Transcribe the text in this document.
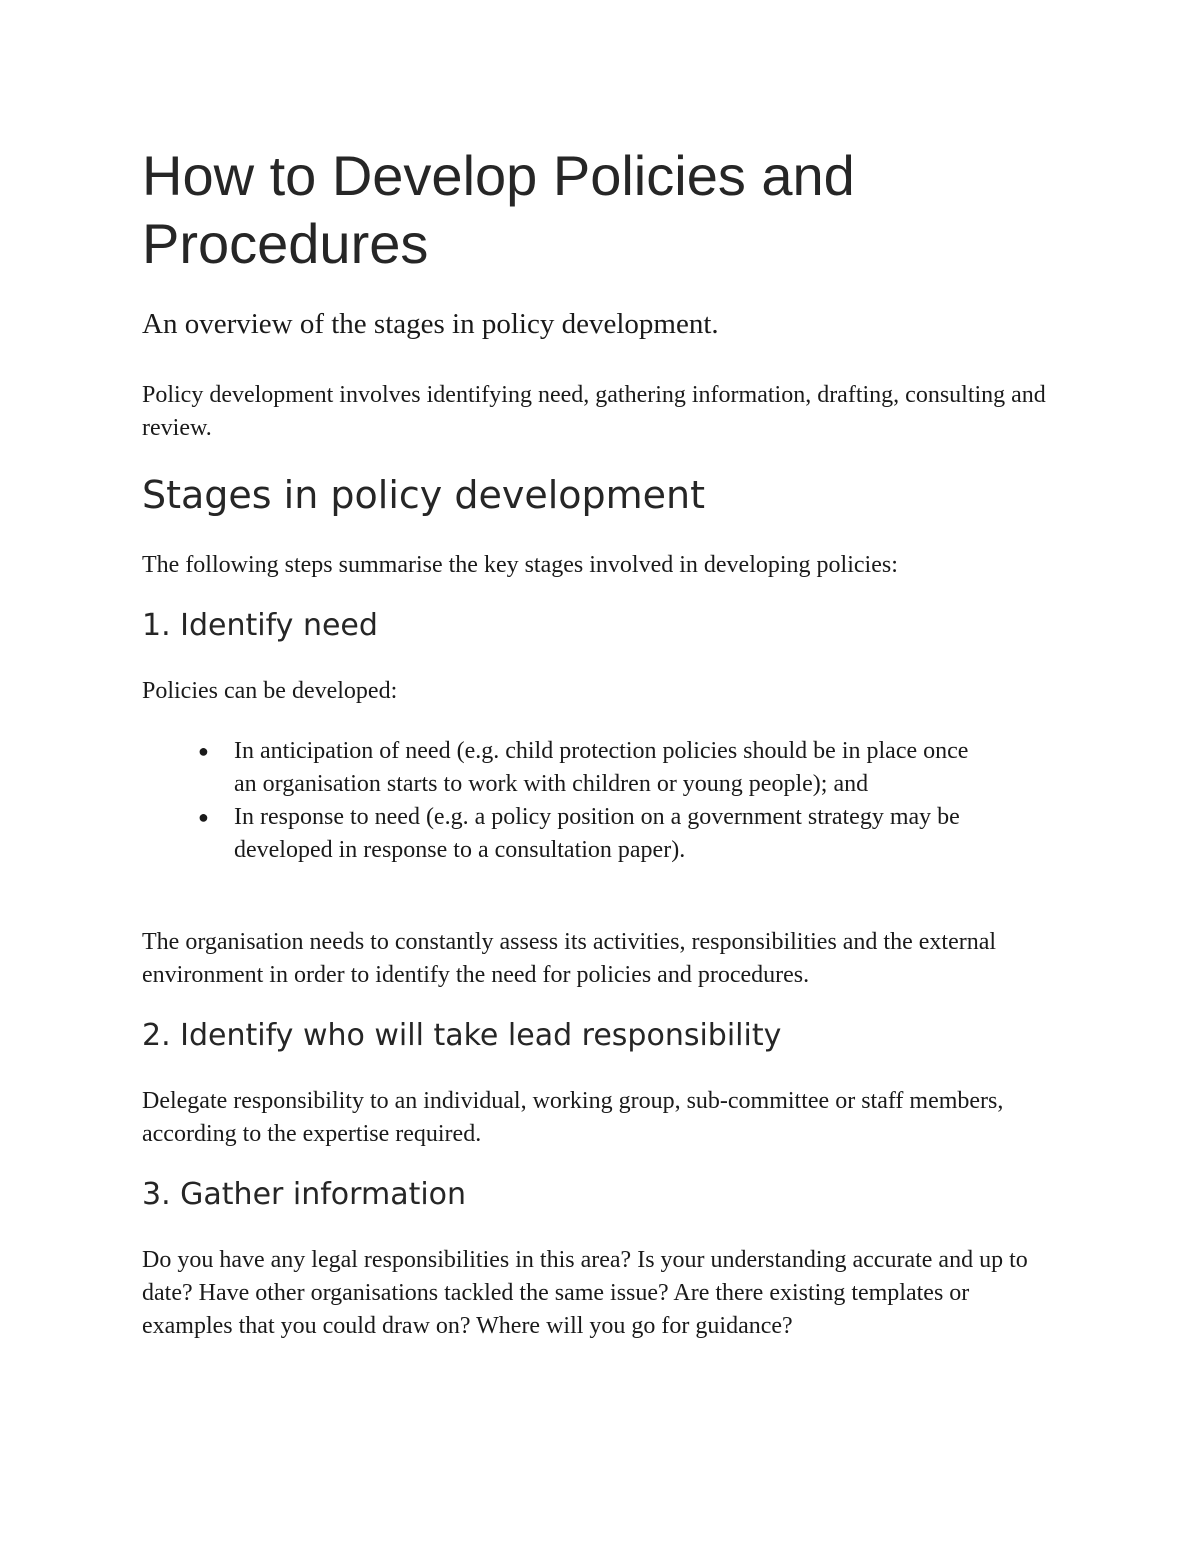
How to Develop Policies and Procedures

An overview of the stages in policy development.

Policy development involves identifying need, gathering information, drafting, consulting and review.

Stages in policy development

The following steps summarise the key stages involved in developing policies:

1. Identify need

Policies can be developed:

● In anticipation of need (e.g. child protection policies should be in place once an organisation starts to work with children or young people); and
● In response to need (e.g. a policy position on a government strategy may be developed in response to a consultation paper).

The organisation needs to constantly assess its activities, responsibilities and the external environment in order to identify the need for policies and procedures.

2. Identify who will take lead responsibility

Delegate responsibility to an individual, working group, sub-committee or staff members, according to the expertise required.

3. Gather information

Do you have any legal responsibilities in this area? Is your understanding accurate and up to date? Have other organisations tackled the same issue? Are there existing templates or examples that you could draw on? Where will you go for guidance?
